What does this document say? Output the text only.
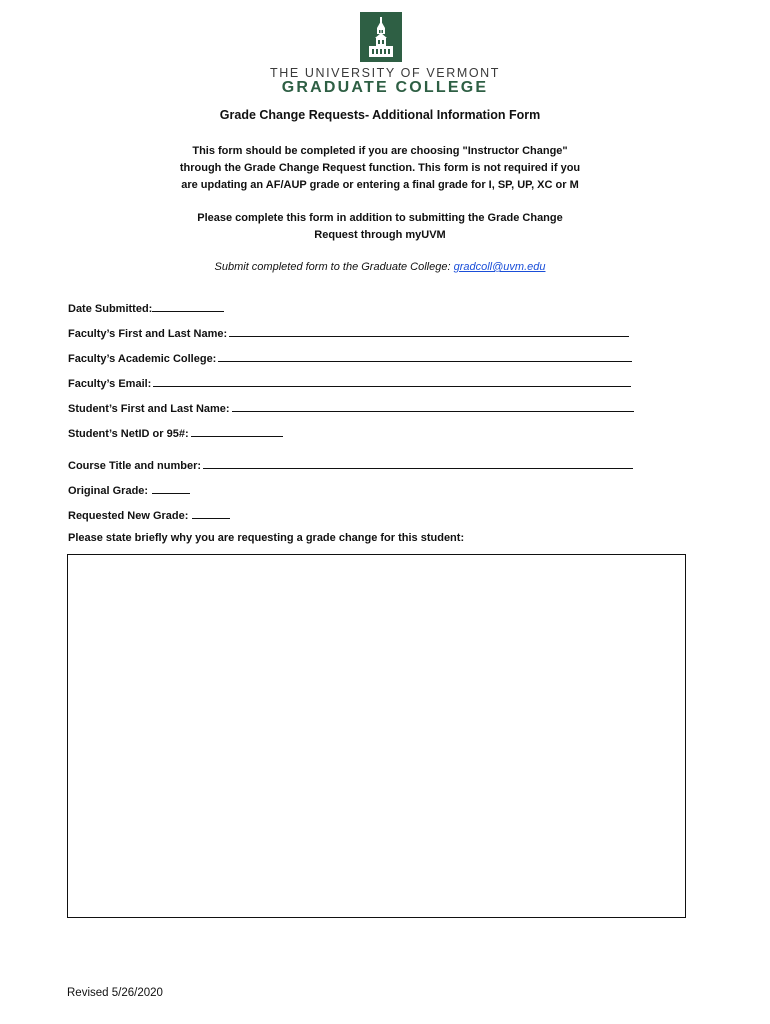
THE UNIVERSITY OF VERMONT
GRADUATE COLLEGE
Grade Change Requests- Additional Information Form
This form should be completed if you are choosing "Instructor Change"
through the Grade Change Request function. This form is not required if you
are updating an AF/AUP grade or entering a final grade for I, SP, UP, XC or M
Please complete this form in addition to submitting the Grade Change
Request through myUVM
Submit completed form to the Graduate College: gradcoll@uvm.edu
Date Submitted:
Faculty’s First and Last Name:
Faculty’s Academic College:
Faculty’s Email:
Student’s First and Last Name:
Student’s NetID or 95#:
Course Title and number:
Original Grade:
Requested New Grade:
Please state briefly why you are requesting a grade change for this student:
Revised 5/26/2020
